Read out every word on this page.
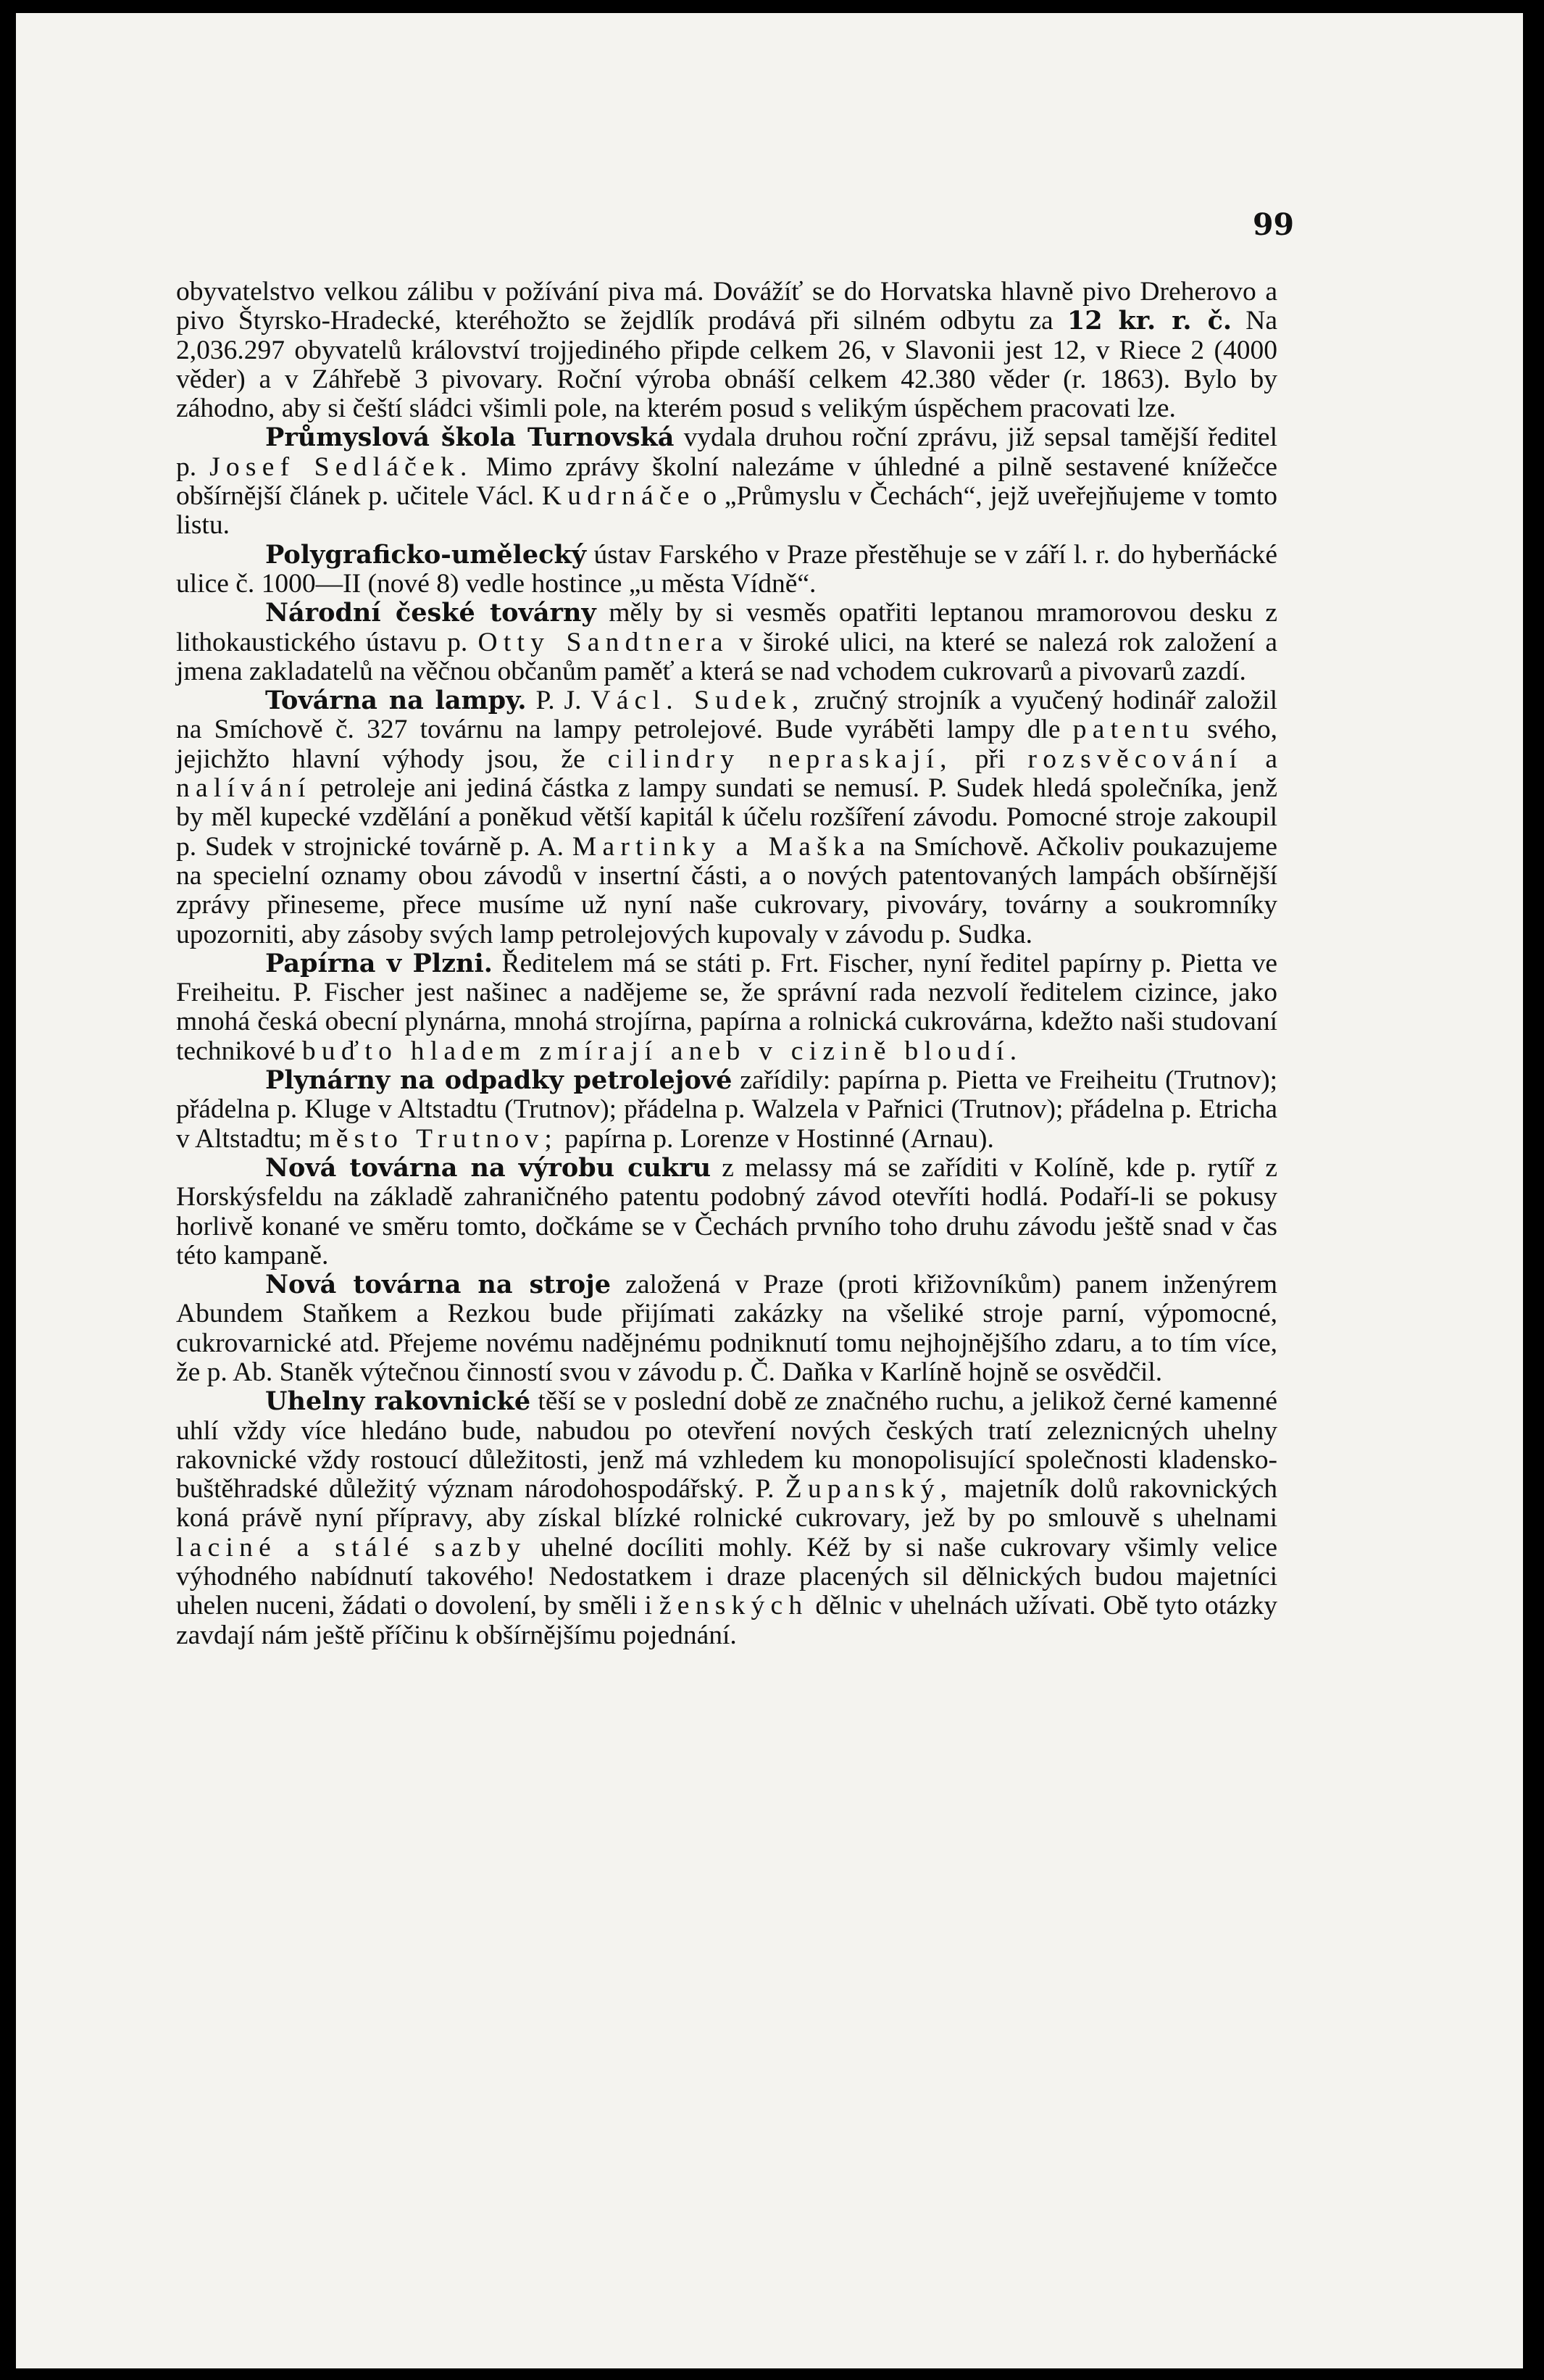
99

obyvatelstvo velkou zálibu v požívání piva má. Dovážíť se do Horvatska hlavně pivo Dreherovo a pivo Štyrsko-Hradecké, kteréhožto se žejdlík prodává při silném odbytu za 12 kr. r. č. Na 2,036.297 obyvatelů království trojjediného připde celkem 26, v Slavonii jest 12, v Riece 2 (4000 věder) a v Záhřebě 3 pivovary. Roční výroba obnáší celkem 42.380 věder (r. 1863). Bylo by záhodno, aby si čeští sládci všimli pole, na kterém posud s velikým úspěchem pracovati lze.

Průmyslová škola Turnovská vydala druhou roční zprávu, již sepsal tamější ředitel p. Josef Sedláček. Mimo zprávy školní nalezáme v úhledné a pilně sestavené knížečce obšírnější článek p. učitele Václ. Kudrnáče o „Průmyslu v Čechách“, jejž uveřejňujeme v tomto listu.

Polygraficko-umělecký ústav Farského v Praze přestěhuje se v září l. r. do hyberňácké ulice č. 1000—II (nové 8) vedle hostince „u města Vídně“.

Národní české továrny měly by si vesměs opatřiti leptanou mramorovou desku z lithokaustického ústavu p. Otty Sandtnera v široké ulici, na které se nalezá rok založení a jmena zakladatelů na věčnou občanům paměť a která se nad vchodem cukrovarů a pivovarů zazdí.

Továrna na lampy. P. J. Václ. Sudek, zručný strojník a vyučený hodinář založil na Smíchově č. 327 továrnu na lampy petrolejové. Bude vyráběti lampy dle patentu svého, jejichžto hlavní výhody jsou, že cilindry nepraskají, při rozsvěcování a nalívání petroleje ani jediná částka z lampy sundati se nemusí. P. Sudek hledá společníka, jenž by měl kupecké vzdělání a poněkud větší kapitál k účelu rozšíření závodu. Pomocné stroje zakoupil p. Sudek v strojnické továrně p. A. Martinky a Maška na Smíchově. Ačkoliv poukazujeme na specielní oznamy obou závodů v insertní části, a o nových patentovaných lampách obšírnější zprávy přineseme, přece musíme už nyní naše cukrovary, pivováry, továrny a soukromníky upozorniti, aby zásoby svých lamp petrolejových kupovaly v závodu p. Sudka.

Papírna v Plzni. Ředitelem má se státi p. Frt. Fischer, nyní ředitel papírny p. Pietta ve Freiheitu. P. Fischer jest našinec a nadějeme se, že správní rada nezvolí ředitelem cizince, jako mnohá česká obecní plynárna, mnohá strojírna, papírna a rolnická cukrovárna, kdežto naši studovaní technikové buďto hladem zmírají aneb v cizině bloudí.

Plynárny na odpadky petrolejové zařídily: papírna p. Pietta ve Freiheitu (Trutnov); přádelna p. Kluge v Altstadtu (Trutnov); přádelna p. Walzela v Pařnici (Trutnov); přádelna p. Etricha v Altstadtu; město Trutnov; papírna p. Lorenze v Hostinné (Arnau).

Nová továrna na výrobu cukru z melassy má se zaříditi v Kolíně, kde p. rytíř z Horskýsfeldu na základě zahraničného patentu podobný závod otevříti hodlá. Podaří-li se pokusy horlivě konané ve směru tomto, dočkáme se v Čechách prvního toho druhu závodu ještě snad v čas této kampaně.

Nová továrna na stroje založená v Praze (proti křižovníkům) panem inženýrem Abundem Staňkem a Rezkou bude přijímati zakázky na všeliké stroje parní, výpomocné, cukrovarnické atd. Přejeme novému nadějnému podniknutí tomu nejhojnějšího zdaru, a to tím více, že p. Ab. Staněk výtečnou činností svou v závodu p. Č. Daňka v Karlíně hojně se osvědčil.

Uhelny rakovnické těší se v poslední době ze značného ruchu, a jelikož černé kamenné uhlí vždy více hledáno bude, nabudou po otevření nových českých tratí zeleznicných uhelny rakovnické vždy rostoucí důležitosti, jenž má vzhledem ku monopolisující společnosti kladensko-buštěhradské důležitý význam národohospodářský. P. Županský, majetník dolů rakovnických koná právě nyní přípravy, aby získal blízké rolnické cukrovary, jež by po smlouvě s uhelnami laciné a stálé sazby uhelné docíliti mohly. Kéž by si naše cukrovary všimly velice výhodného nabídnutí takového! Nedostatkem i draze placených sil dělnických budou majetníci uhelen nuceni, žádati o dovolení, by směli i ženských dělnic v uhelnách užívati. Obě tyto otázky zavdají nám ještě příčinu k obšírnějšímu pojednání.
